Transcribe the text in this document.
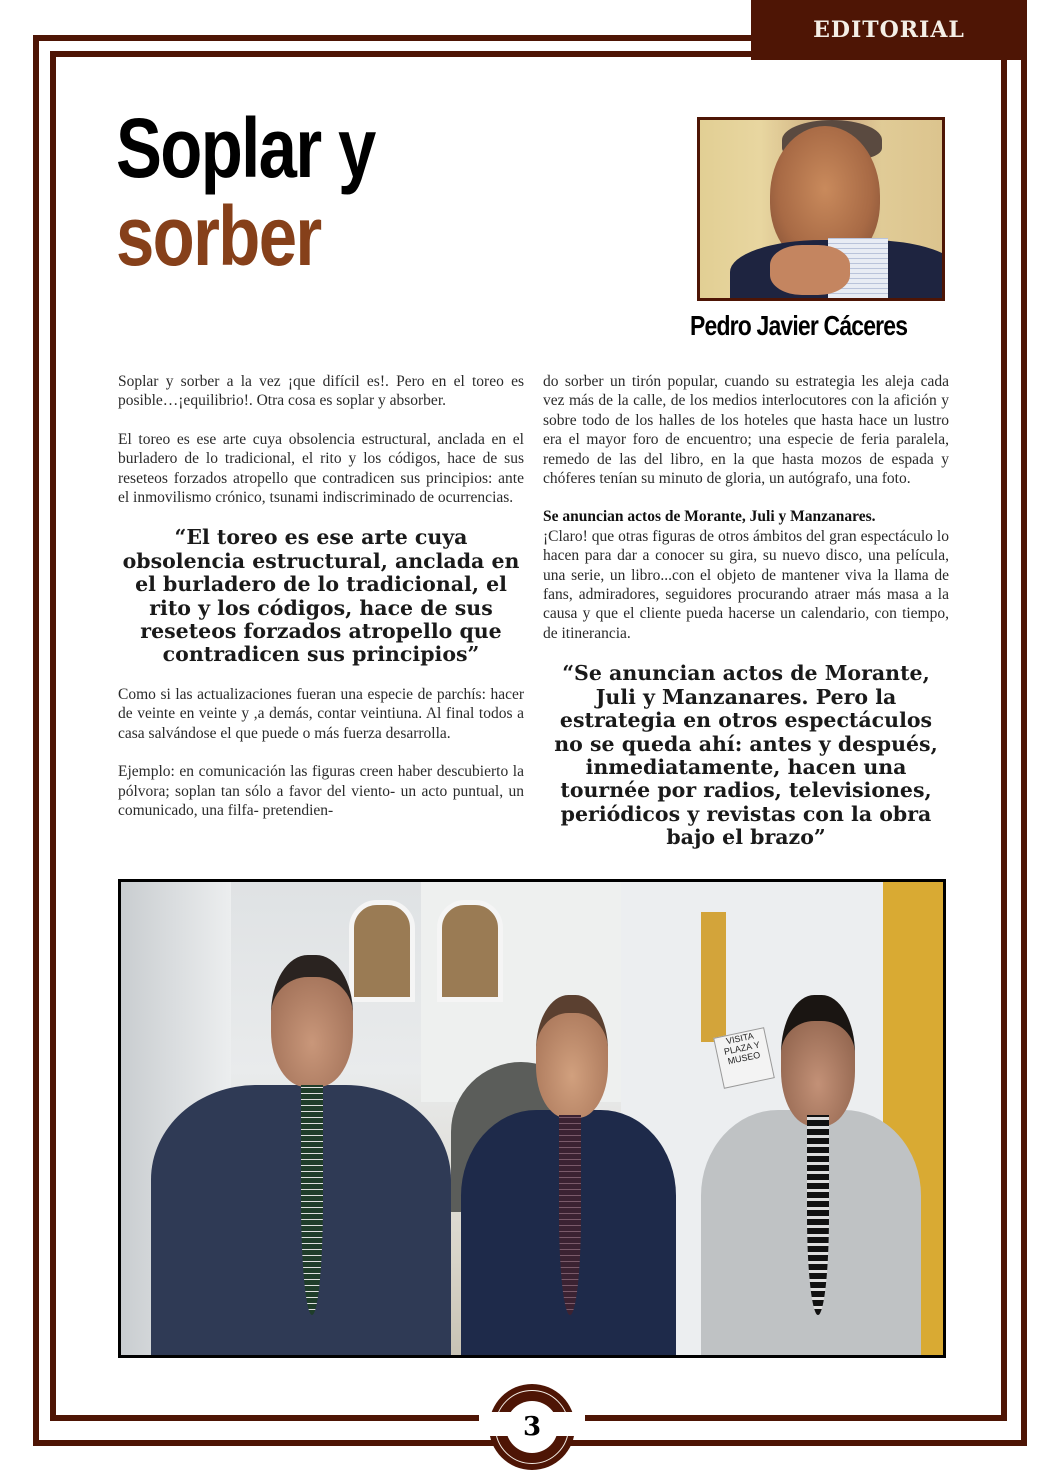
EDITORIAL
Soplar y
sorber
Pedro Javier Cáceres

Soplar y sorber a la vez ¡que difícil es!. Pero en el toreo es posible…¡equilibrio!. Otra cosa es soplar y absorber.

El toreo es ese arte cuya obsolencia estructural, anclada en el burladero de lo tradicional, el rito y los códigos, hace de sus reseteos forzados atropello que contradicen sus principios: ante el inmovilismo crónico, tsunami indiscriminado de ocurrencias.

“El toreo es ese arte cuya obsolencia estructural, anclada en el burladero de lo tradicional, el rito y los códigos, hace de sus reseteos forzados atropello que contradicen sus principios”

Como si las actualizaciones fueran una especie de parchís: hacer de veinte en veinte y ,a demás, contar veintiuna. Al final todos a casa salvándose el que puede o más fuerza desarrolla.

Ejemplo: en comunicación las figuras creen haber descubierto la pólvora; soplan tan sólo a favor del viento- un acto puntual, un comunicado, una filfa- pretendien-

do sorber un tirón popular, cuando su estrategia les aleja cada vez más de la calle, de los medios interlocutores con la afición y sobre todo de los halles de los hoteles que hasta hace un lustro era el mayor foro de encuentro; una especie de feria paralela, remedo de las del libro, en la que hasta mozos de espada y chóferes tenían su minuto de gloria, un autógrafo, una foto.

Se anuncian actos de Morante, Juli y Manzanares.

¡Claro! que otras figuras de otros ámbitos del gran espectáculo lo hacen para dar a conocer su gira, su nuevo disco, una película, una serie, un libro...con el objeto de mantener viva la llama de fans, admiradores, seguidores procurando atraer más masa a la causa y que el cliente pueda hacerse un calendario, con tiempo, de itinerancia.

“Se anuncian actos de Morante, Juli y Manzanares. Pero la estrategia en otros espectáculos no se queda ahí: antes y después, inmediatamente, hacen una tournée por radios, televisiones, periódicos y revistas con la obra bajo el brazo”
VISITA PLAZA Y MUSEO
3
